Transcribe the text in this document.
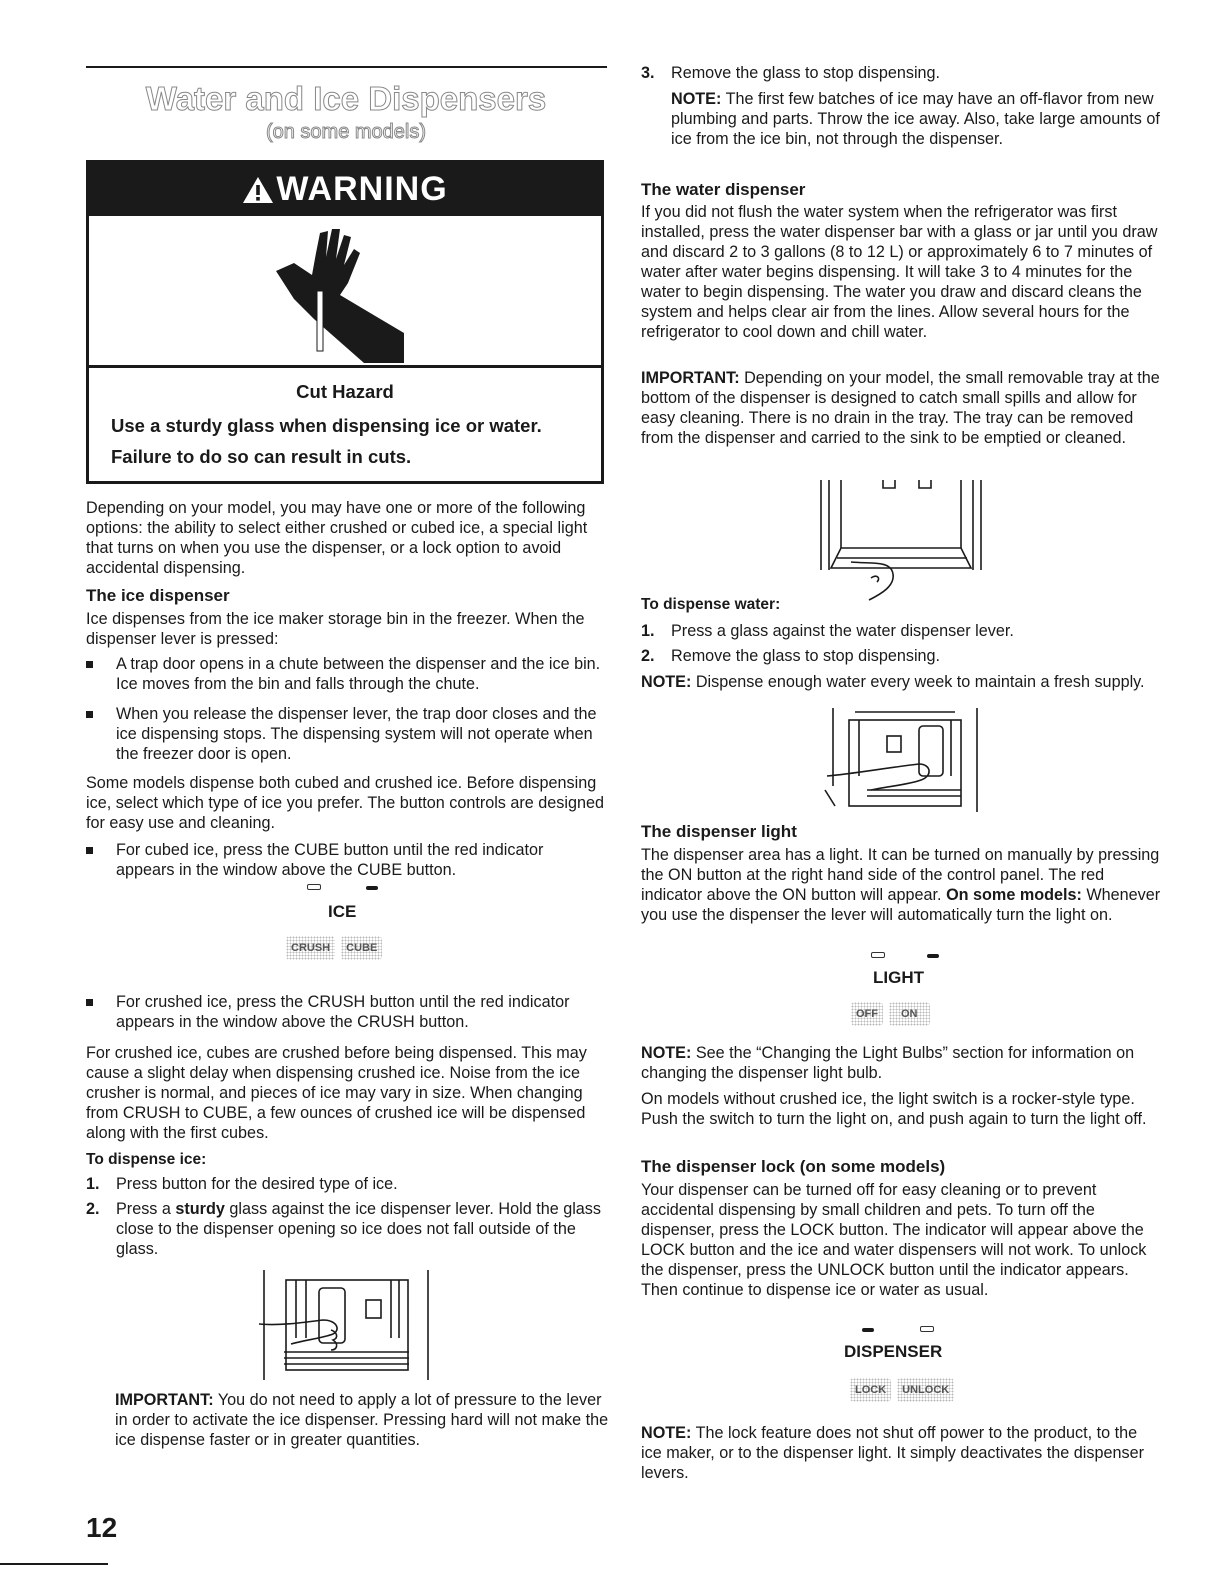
Water and Ice Dispensers
(on some models)
WARNING
Cut Hazard
Use a sturdy glass when dispensing ice or water.
Failure to do so can result in cuts.

Depending on your model, you may have one or more of the following options: the ability to select either crushed or cubed ice, a special light that turns on when you use the dispenser, or a lock option to avoid accidental dispensing.

The ice dispenser

Ice dispenses from the ice maker storage bin in the freezer. When the dispenser lever is pressed:

A trap door opens in a chute between the dispenser and the ice bin. Ice moves from the bin and falls through the chute.

When you release the dispenser lever, the trap door closes and the ice dispensing stops. The dispensing system will not operate when the freezer door is open.

Some models dispense both cubed and crushed ice. Before dispensing ice, select which type of ice you prefer. The button controls are designed for easy use and cleaning.

For cubed ice, press the CUBE button until the red indicator appears in the window above the CUBE button.

ICE
CRUSH	CUBE

For crushed ice, press the CRUSH button until the red indicator appears in the window above the CRUSH button.

For crushed ice, cubes are crushed before being dispensed. This may cause a slight delay when dispensing crushed ice. Noise from the ice crusher is normal, and pieces of ice may vary in size. When changing from CRUSH to CUBE, a few ounces of crushed ice will be dispensed along with the first cubes.

To dispense ice:

1. Press button for the desired type of ice.

2. Press a sturdy glass against the ice dispenser lever. Hold the glass close to the dispenser opening so ice does not fall outside of the glass.

IMPORTANT: You do not need to apply a lot of pressure to the lever in order to activate the ice dispenser. Pressing hard will not make the ice dispense faster or in greater quantities.

12
3. Remove the glass to stop dispensing.

NOTE: The first few batches of ice may have an off-flavor from new plumbing and parts. Throw the ice away. Also, take large amounts of ice from the ice bin, not through the dispenser.

The water dispenser

If you did not flush the water system when the refrigerator was first installed, press the water dispenser bar with a glass or jar until you draw and discard 2 to 3 gallons (8 to 12 L) or approximately 6 to 7 minutes of water after water begins dispensing. It will take 3 to 4 minutes for the water to begin dispensing. The water you draw and discard cleans the system and helps clear air from the lines. Allow several hours for the refrigerator to cool down and chill water.

IMPORTANT: Depending on your model, the small removable tray at the bottom of the dispenser is designed to catch small spills and allow for easy cleaning. There is no drain in the tray. The tray can be removed from the dispenser and carried to the sink to be emptied or cleaned.

To dispense water:

1. Press a glass against the water dispenser lever.

2. Remove the glass to stop dispensing.

NOTE: Dispense enough water every week to maintain a fresh supply.

The dispenser light

The dispenser area has a light. It can be turned on manually by pressing the ON button at the right hand side of the control panel. The red indicator above the ON button will appear. On some models: Whenever you use the dispenser the lever will automatically turn the light on.

LIGHT
OFF	ON

NOTE: See the “Changing the Light Bulbs” section for information on changing the dispenser light bulb.

On models without crushed ice, the light switch is a rocker-style type. Push the switch to turn the light on, and push again to turn the light off.

The dispenser lock (on some models)

Your dispenser can be turned off for easy cleaning or to prevent accidental dispensing by small children and pets. To turn off the dispenser, press the LOCK button. The indicator will appear above the LOCK button and the ice and water dispensers will not work. To unlock the dispenser, press the UNLOCK button until the indicator appears. Then continue to dispense ice or water as usual.

DISPENSER
LOCK	UNLOCK

NOTE: The lock feature does not shut off power to the product, to the ice maker, or to the dispenser light. It simply deactivates the dispenser levers.
